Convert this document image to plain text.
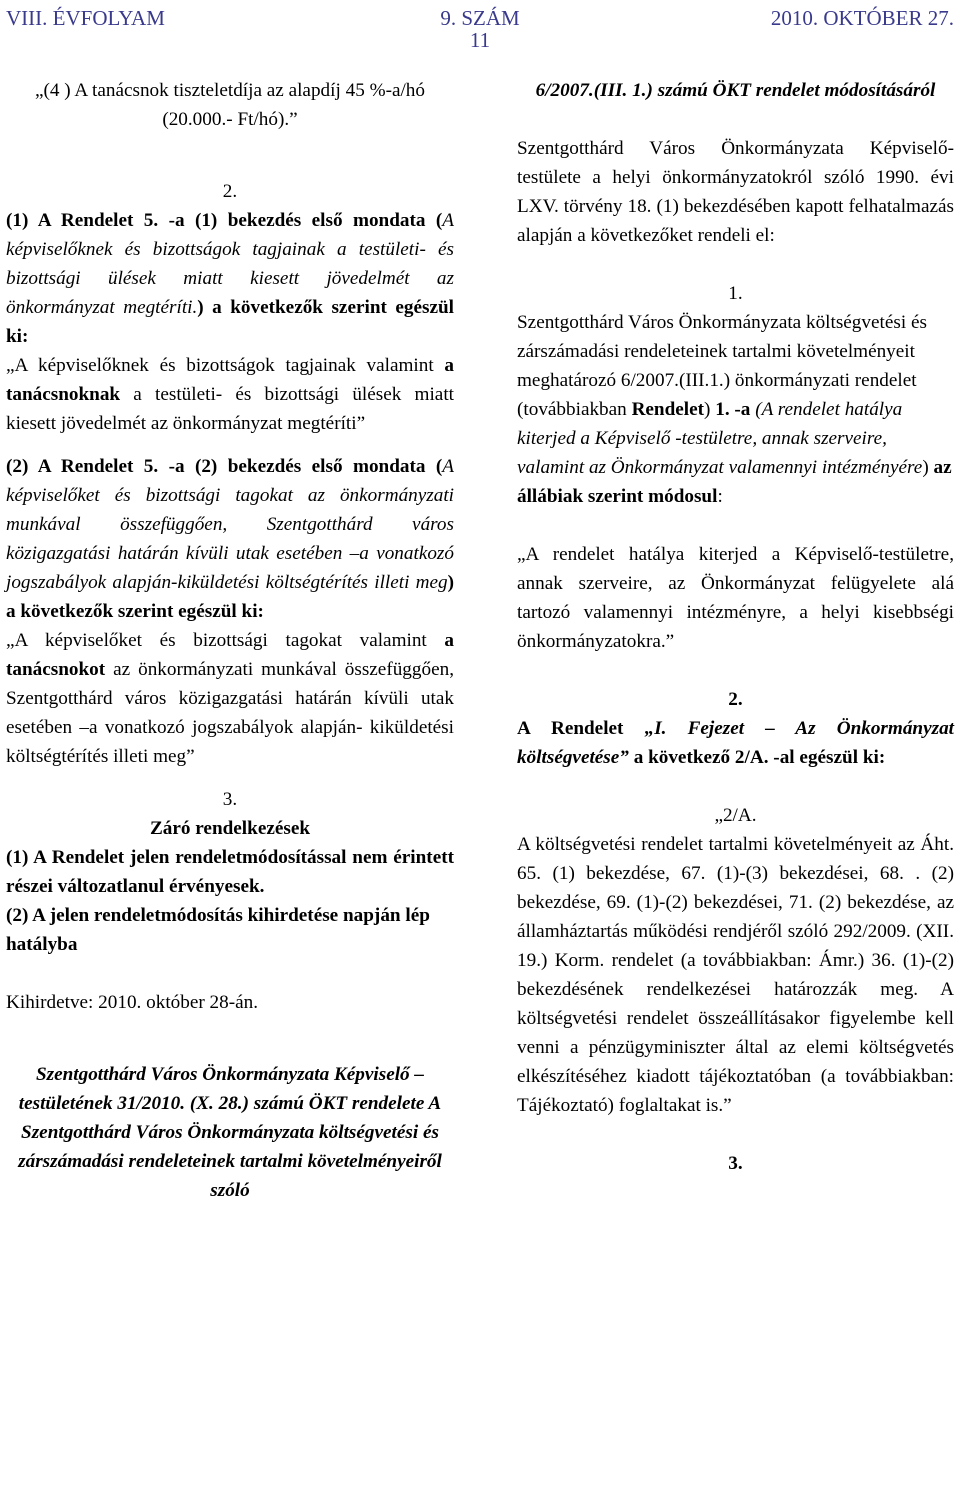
VIII. ÉVFOLYAM	9. SZÁM	2010. OKTÓBER 27.
11

„(4 ) A tanácsnok tiszteletdíja az alapdíj 45 %-a/hó (20.000.- Ft/hó).”

2.

(1) A Rendelet 5. -a (1) bekezdés első mondata (A képviselőknek és bizottságok tagjainak a testületi- és bizottsági ülések miatt kiesett jövedelmét az önkormányzat megtéríti.) a következők szerint egészül ki:

„A képviselőknek és bizottságok tagjainak valamint a tanácsnoknak a testületi- és bizottsági ülések miatt kiesett jövedelmét az önkormányzat megtéríti”

(2) A Rendelet 5. -a (2) bekezdés első mondata (A képviselőket és bizottsági tagokat az önkormányzati munkával összefüggően, Szentgotthárd város közigazgatási határán kívüli utak esetében –a vonatkozó jogszabályok alapján-kiküldetési költségtérítés illeti meg) a következők szerint egészül ki:

„A képviselőket és bizottsági tagokat valamint a tanácsnokot az önkormányzati munkával összefüggően, Szentgotthárd város közigazgatási határán kívüli utak esetében –a vonatkozó jogszabályok alapján- kiküldetési költségtérítés illeti meg”

3.

Záró rendelkezések

(1) A Rendelet jelen rendeletmódosítással nem érintett részei változatlanul érvényesek.

(2) A jelen rendeletmódosítás kihirdetése napján lép hatályba

Kihirdetve: 2010. október 28-án.

Szentgotthárd Város Önkormányzata Képviselő – testületének 31/2010. (X. 28.) számú ÖKT rendelete A Szentgotthárd Város Önkormányzata költségvetési és zárszámadási rendeleteinek tartalmi követelményeiről szóló

6/2007.(III. 1.) számú ÖKT rendelet módosításáról

Szentgotthárd Város Önkormányzata Képviselő-testülete a helyi önkormányzatokról szóló 1990. évi LXV. törvény 18. (1) bekezdésében kapott felhatalmazás alapján a következőket rendeli el:

1.

Szentgotthárd Város Önkormányzata költségvetési és zárszámadási rendeleteinek tartalmi követelményeit meghatározó 6/2007.(III.1.) önkormányzati rendelet (továbbiakban Rendelet) 1. -a (A rendelet hatálya kiterjed a Képviselő -testületre, annak szerveire, valamint az Önkormányzat valamennyi intézményére) az állábiak szerint módosul:

„A rendelet hatálya kiterjed a Képviselő-testületre, annak szerveire, az Önkormányzat felügyelete alá tartozó valamennyi intézményre, a helyi kisebbségi önkormányzatokra.”

2.

A Rendelet „I. Fejezet – Az Önkormányzat költségvetése” a következő 2/A. -al egészül ki:

„2/A.

A költségvetési rendelet tartalmi követelményeit az Áht. 65. (1) bekezdése, 67. (1)-(3) bekezdései, 68. . (2) bekezdése, 69. (1)-(2) bekezdései, 71. (2) bekezdése, az államháztartás működési rendjéről szóló 292/2009. (XII. 19.) Korm. rendelet (a továbbiakban: Ámr.) 36. (1)-(2) bekezdésének rendelkezései határozzák meg. A költségvetési rendelet összeállításakor figyelembe kell venni a pénzügyminiszter által az elemi költségvetés elkészítéséhez kiadott tájékoztatóban (a továbbiakban: Tájékoztató) foglaltakat is.”

3.
